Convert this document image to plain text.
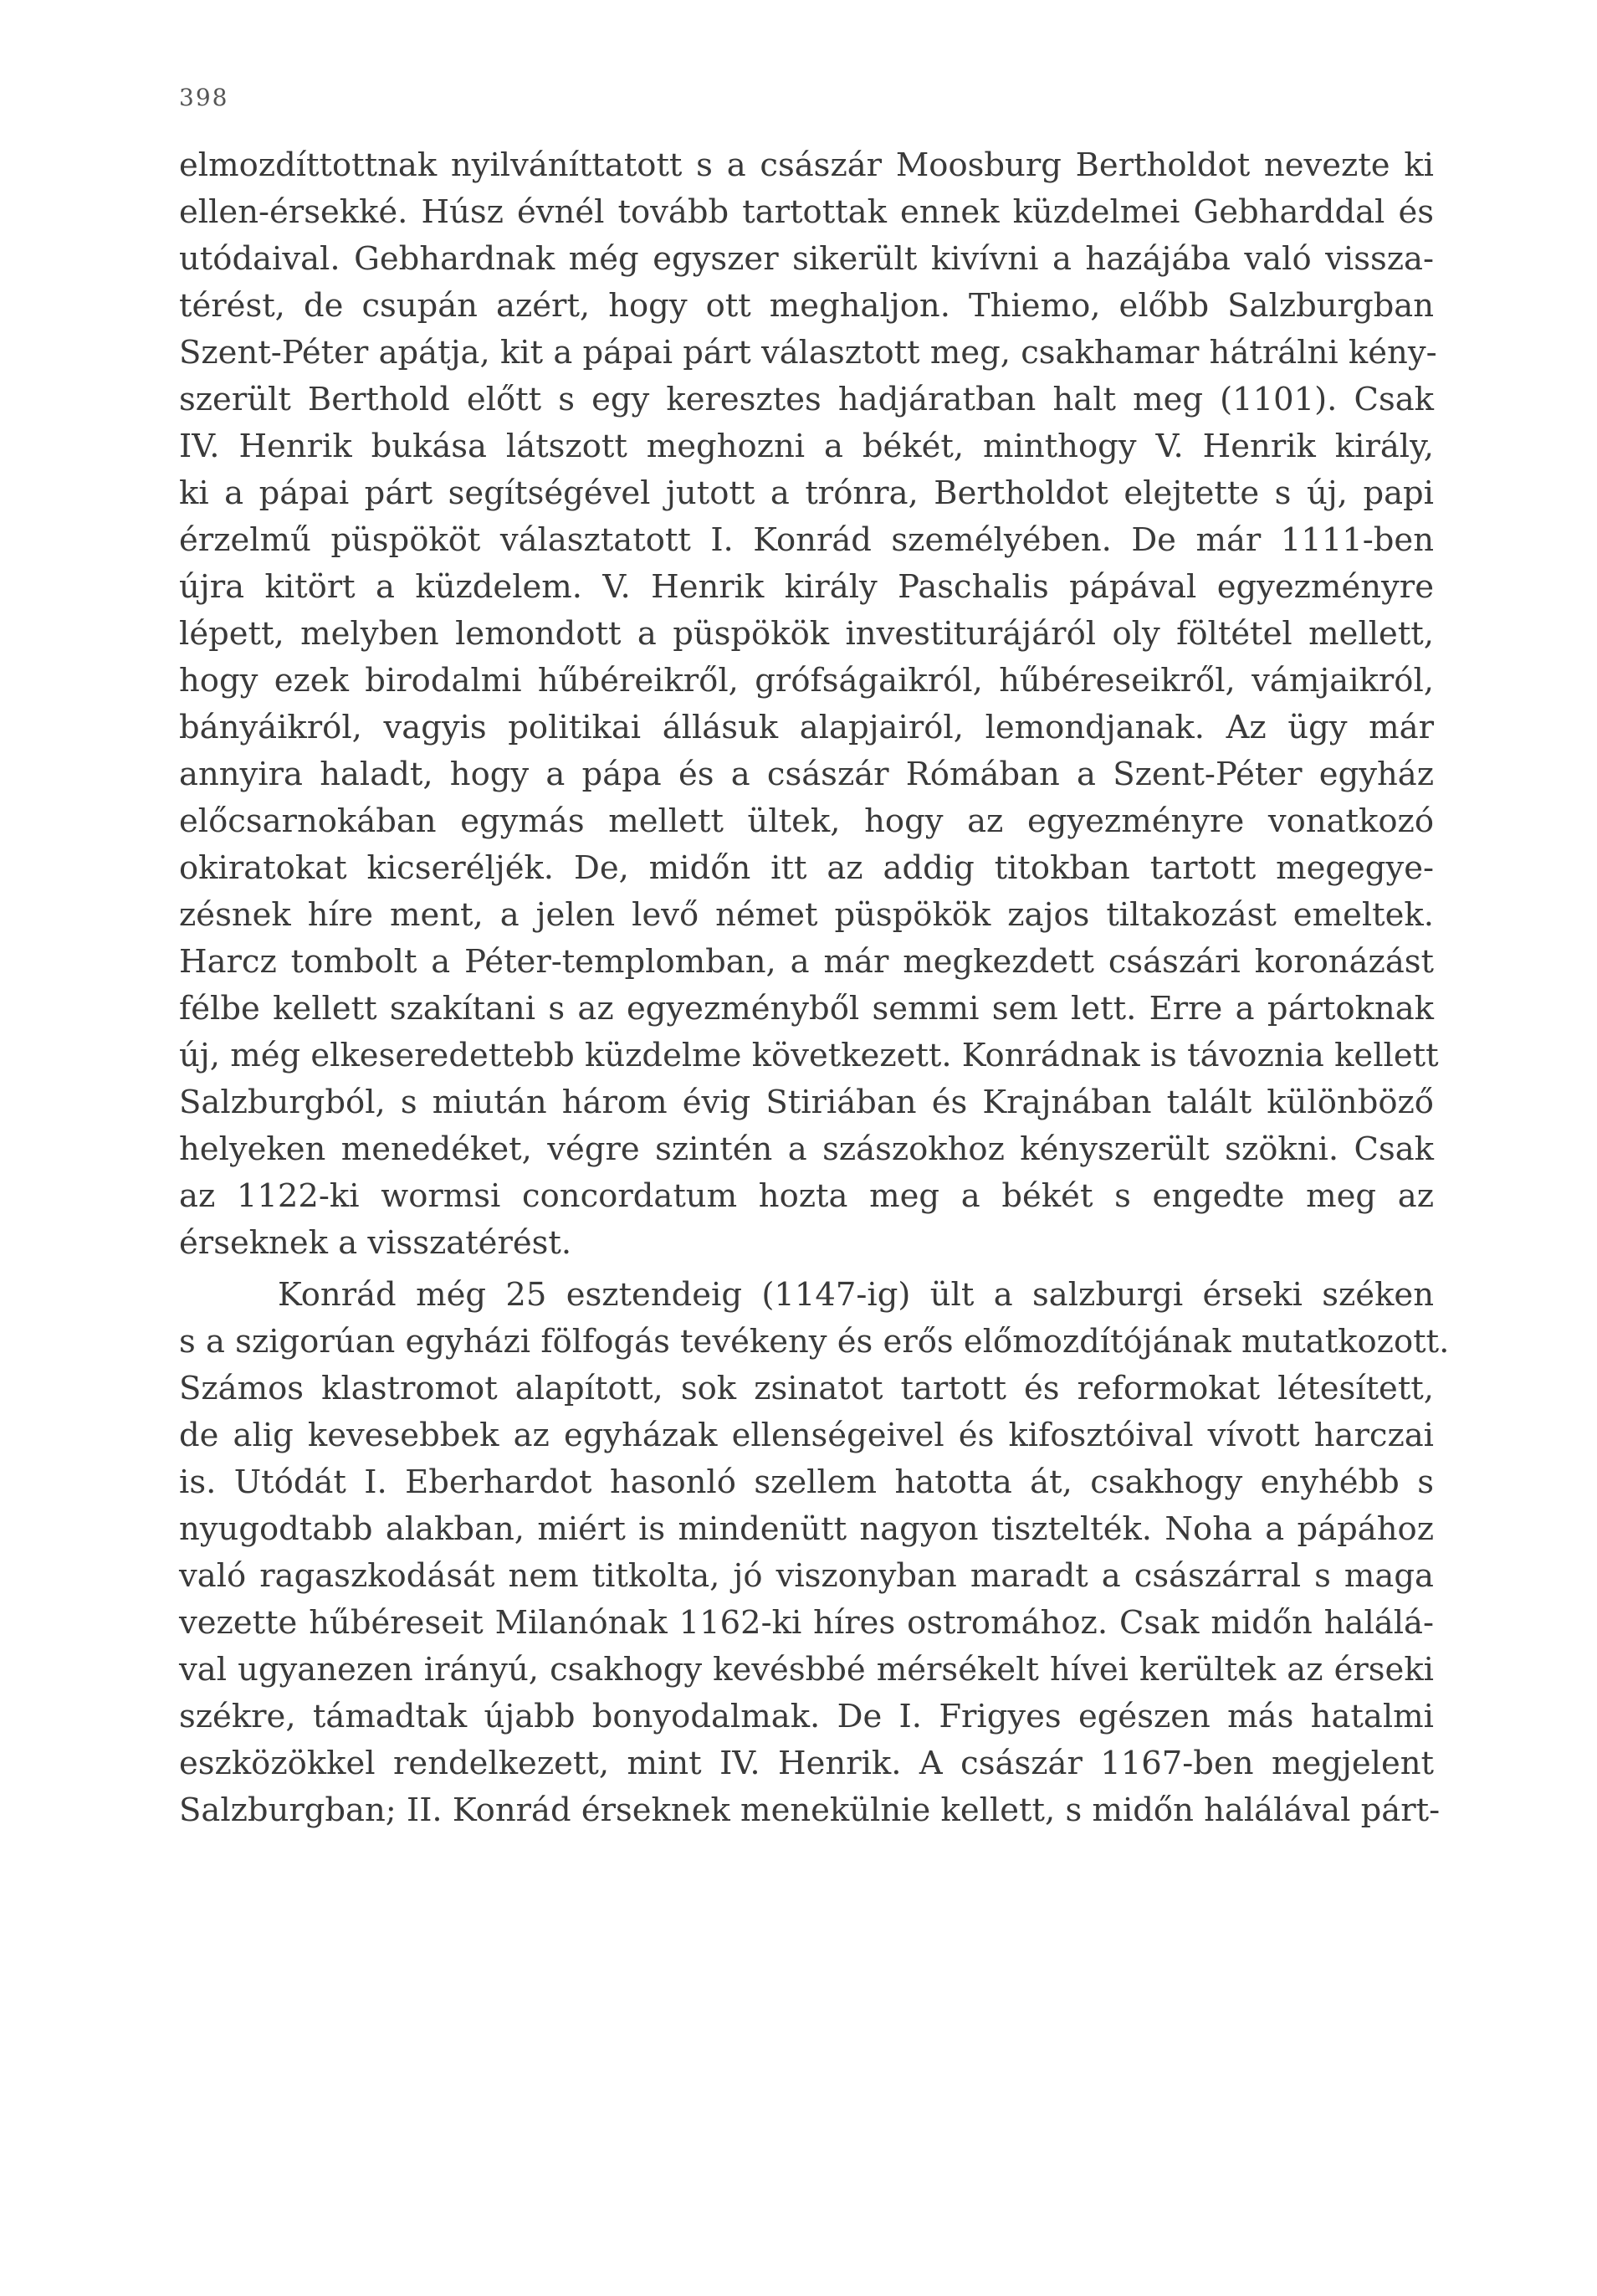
398
elmozdíttottnak nyilváníttatott s a császár Moosburg Bertholdot nevezte ki
ellen-érsekké. Húsz évnél tovább tartottak ennek küzdelmei Gebharddal és
utódaival. Gebhardnak még egyszer sikerült kivívni a hazájába való vissza-
térést, de csupán azért, hogy ott meghaljon. Thiemo, előbb Salzburgban
Szent-Péter apátja, kit a pápai párt választott meg, csakhamar hátrálni kény-
szerült Berthold előtt s egy keresztes hadjáratban halt meg (1101). Csak
IV. Henrik bukása látszott meghozni a békét, minthogy V. Henrik király,
ki a pápai párt segítségével jutott a trónra, Bertholdot elejtette s új, papi
érzelmű püspököt választatott I. Konrád személyében. De már 1111-ben
újra kitört a küzdelem. V. Henrik király Paschalis pápával egyezményre
lépett, melyben lemondott a püspökök investiturájáról oly föltétel mellett,
hogy ezek birodalmi hűbéreikről, grófságaikról, hűbéreseikről, vámjaikról,
bányáikról, vagyis politikai állásuk alapjairól, lemondjanak. Az ügy már
annyira haladt, hogy a pápa és a császár Rómában a Szent-Péter egyház
előcsarnokában egymás mellett ültek, hogy az egyezményre vonatkozó
okiratokat kicseréljék. De, midőn itt az addig titokban tartott megegye-
zésnek híre ment, a jelen levő német püspökök zajos tiltakozást emeltek.
Harcz tombolt a Péter-templomban, a már megkezdett császári koronázást
félbe kellett szakítani s az egyezményből semmi sem lett. Erre a pártoknak
új, még elkeseredettebb küzdelme következett. Konrádnak is távoznia kellett
Salzburgból, s miután három évig Stiriában és Krajnában talált különböző
helyeken menedéket, végre szintén a szászokhoz kényszerült szökni. Csak
az 1122-ki wormsi concordatum hozta meg a békét s engedte meg az
érseknek a visszatérést.
Konrád még 25 esztendeig (1147-ig) ült a salzburgi érseki széken
s a szigorúan egyházi fölfogás tevékeny és erős előmozdítójának mutatkozott.
Számos klastromot alapított, sok zsinatot tartott és reformokat létesített,
de alig kevesebbek az egyházak ellenségeivel és kifosztóival vívott harczai
is. Utódát I. Eberhardot hasonló szellem hatotta át, csakhogy enyhébb s
nyugodtabb alakban, miért is mindenütt nagyon tisztelték. Noha a pápához
való ragaszkodását nem titkolta, jó viszonyban maradt a császárral s maga
vezette hűbéreseit Milanónak 1162-ki híres ostromához. Csak midőn halálá-
val ugyanezen irányú, csakhogy kevésbbé mérsékelt hívei kerültek az érseki
székre, támadtak újabb bonyodalmak. De I. Frigyes egészen más hatalmi
eszközökkel rendelkezett, mint IV. Henrik. A császár 1167-ben megjelent
Salzburgban; II. Konrád érseknek menekülnie kellett, s midőn halálával párt-
